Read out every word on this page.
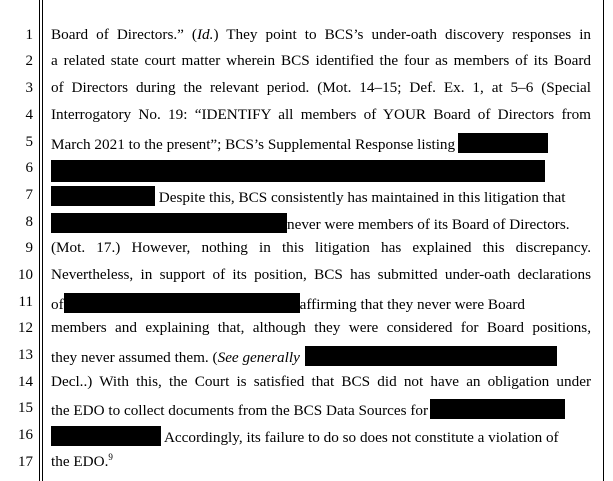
1
2
3
4
5
6
7
8
9
10
11
12
13
14
15
16
17
Board of Directors.” (Id.) They point to BCS’s under-oath discovery responses in
a related state court matter wherein BCS identified the four as members of its Board
of Directors during the relevant period. (Mot. 14–15; Def. Ex. 1, at 5–6 (Special
Interrogatory No. 19: “IDENTIFY all members of YOUR Board of Directors from
March 2021 to the present”; BCS’s Supplemental Response listing
Despite this, BCS consistently has maintained in this litigation that
never were members of its Board of Directors.
(Mot. 17.) However, nothing in this litigation has explained this discrepancy.
Nevertheless, in support of its position, BCS has submitted under-oath declarations
of	affirming that they never were Board
members and explaining that, although they were considered for Board positions,
they never assumed them. (See generally
Decl..) With this, the Court is satisfied that BCS did not have an obligation under
the EDO to collect documents from the BCS Data Sources for
Accordingly, its failure to do so does not constitute a violation of
the EDO.$^9$
